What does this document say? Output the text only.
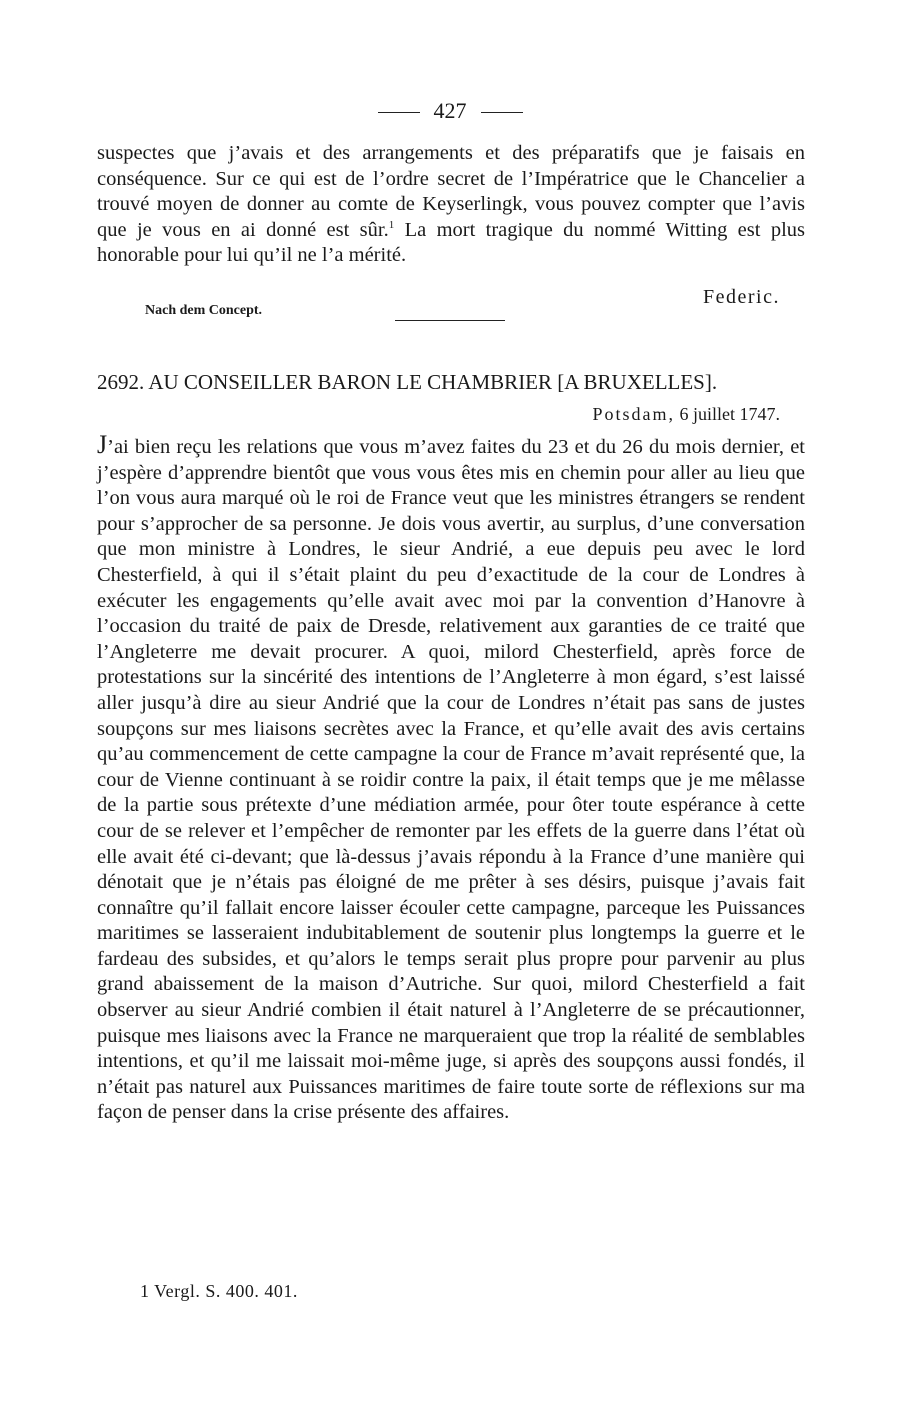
427

suspectes que j’avais et des arrangements et des préparatifs que je faisais en conséquence. Sur ce qui est de l’ordre secret de l’Impératrice que le Chancelier a trouvé moyen de donner au comte de Keyserlingk, vous pouvez compter que l’avis que je vous en ai donné est sûr.$^1$ La mort tragique du nommé Witting est plus honorable pour lui qu’il ne l’a mérité.

Federic.
Nach dem Concept.
2692. AU CONSEILLER BARON LE CHAMBRIER [A BRUXELLES].
Potsdam, 6 juillet 1747.

J’ai bien reçu les relations que vous m’avez faites du 23 et du 26 du mois dernier, et j’espère d’apprendre bientôt que vous vous êtes mis en chemin pour aller au lieu que l’on vous aura marqué où le roi de France veut que les ministres étrangers se rendent pour s’approcher de sa personne. Je dois vous avertir, au surplus, d’une conversation que mon ministre à Londres, le sieur Andrié, a eue depuis peu avec le lord Chesterfield, à qui il s’était plaint du peu d’exactitude de la cour de Londres à exécuter les engagements qu’elle avait avec moi par la convention d’Hanovre à l’occasion du traité de paix de Dresde, relativement aux garanties de ce traité que l’Angleterre me devait procurer. A quoi, milord Chesterfield, après force de protestations sur la sincérité des intentions de l’Angleterre à mon égard, s’est laissé aller jusqu’à dire au sieur Andrié que la cour de Londres n’était pas sans de justes soupçons sur mes liaisons secrètes avec la France, et qu’elle avait des avis certains qu’au commencement de cette campagne la cour de France m’avait représenté que, la cour de Vienne continuant à se roidir contre la paix, il était temps que je me mêlasse de la partie sous prétexte d’une médiation armée, pour ôter toute espérance à cette cour de se relever et l’empêcher de remonter par les effets de la guerre dans l’état où elle avait été ci-devant; que là-dessus j’avais répondu à la France d’une manière qui dénotait que je n’étais pas éloigné de me prêter à ses désirs, puisque j’avais fait connaître qu’il fallait encore laisser écouler cette campagne, parceque les Puissances maritimes se lasseraient indubitablement de soutenir plus longtemps la guerre et le fardeau des subsides, et qu’alors le temps serait plus propre pour parvenir au plus grand abaissement de la maison d’Autriche. Sur quoi, milord Chesterfield a fait observer au sieur Andrié combien il était naturel à l’Angleterre de se précautionner, puisque mes liaisons avec la France ne marqueraient que trop la réalité de semblables intentions, et qu’il me laissait moi-même juge, si après des soupçons aussi fondés, il n’était pas naturel aux Puissances maritimes de faire toute sorte de réflexions sur ma façon de penser dans la crise présente des affaires.

1 Vergl. S. 400. 401.
